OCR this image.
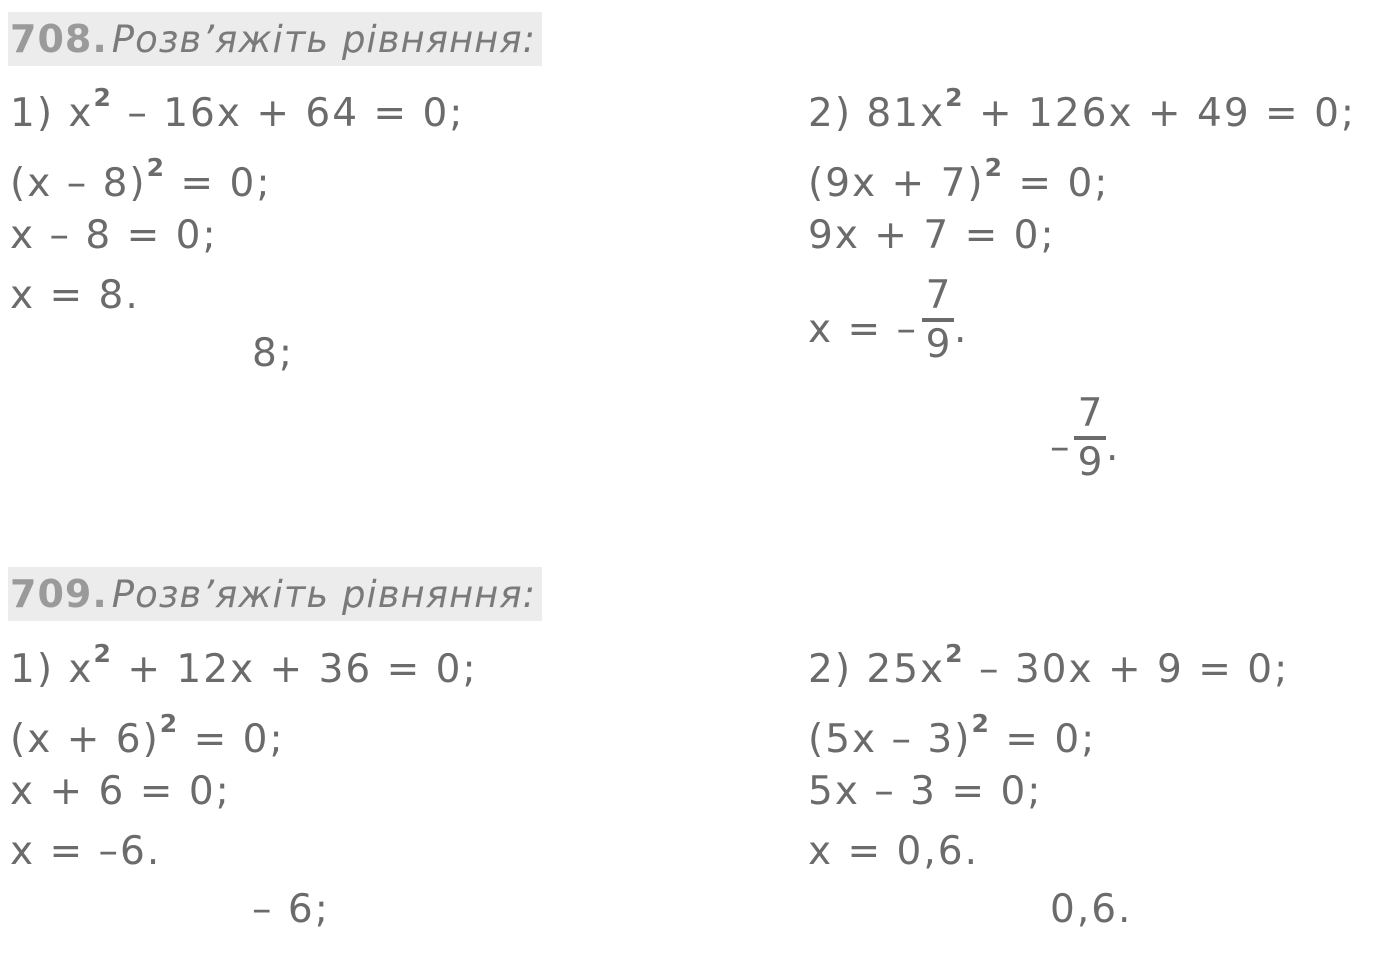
708. Розв’яжіть рівняння:
1) $x^2 - 16x + 64 = 0$;
(x – 8)$^2$ = 0;
x – 8 = 0;
x = 8.
8;
2) $81x^2 + 126x + 49 = 0$;
$(9x + 7)^2 = 0$;
9x + 7 = 0;
x = –
7
9 .
–
7
9 .
709. Розв’яжіть рівняння:
1) $x^2 + 12x + 36 = 0$;
$(x + 6)^2 = 0$;
x + 6 = 0;
x = –6.
– 6;
2) $25x^2 - 30x + 9 = 0$;
(5x – 3)$^2$ = 0;
5x – 3 = 0;
x = 0,6.
0,6.
